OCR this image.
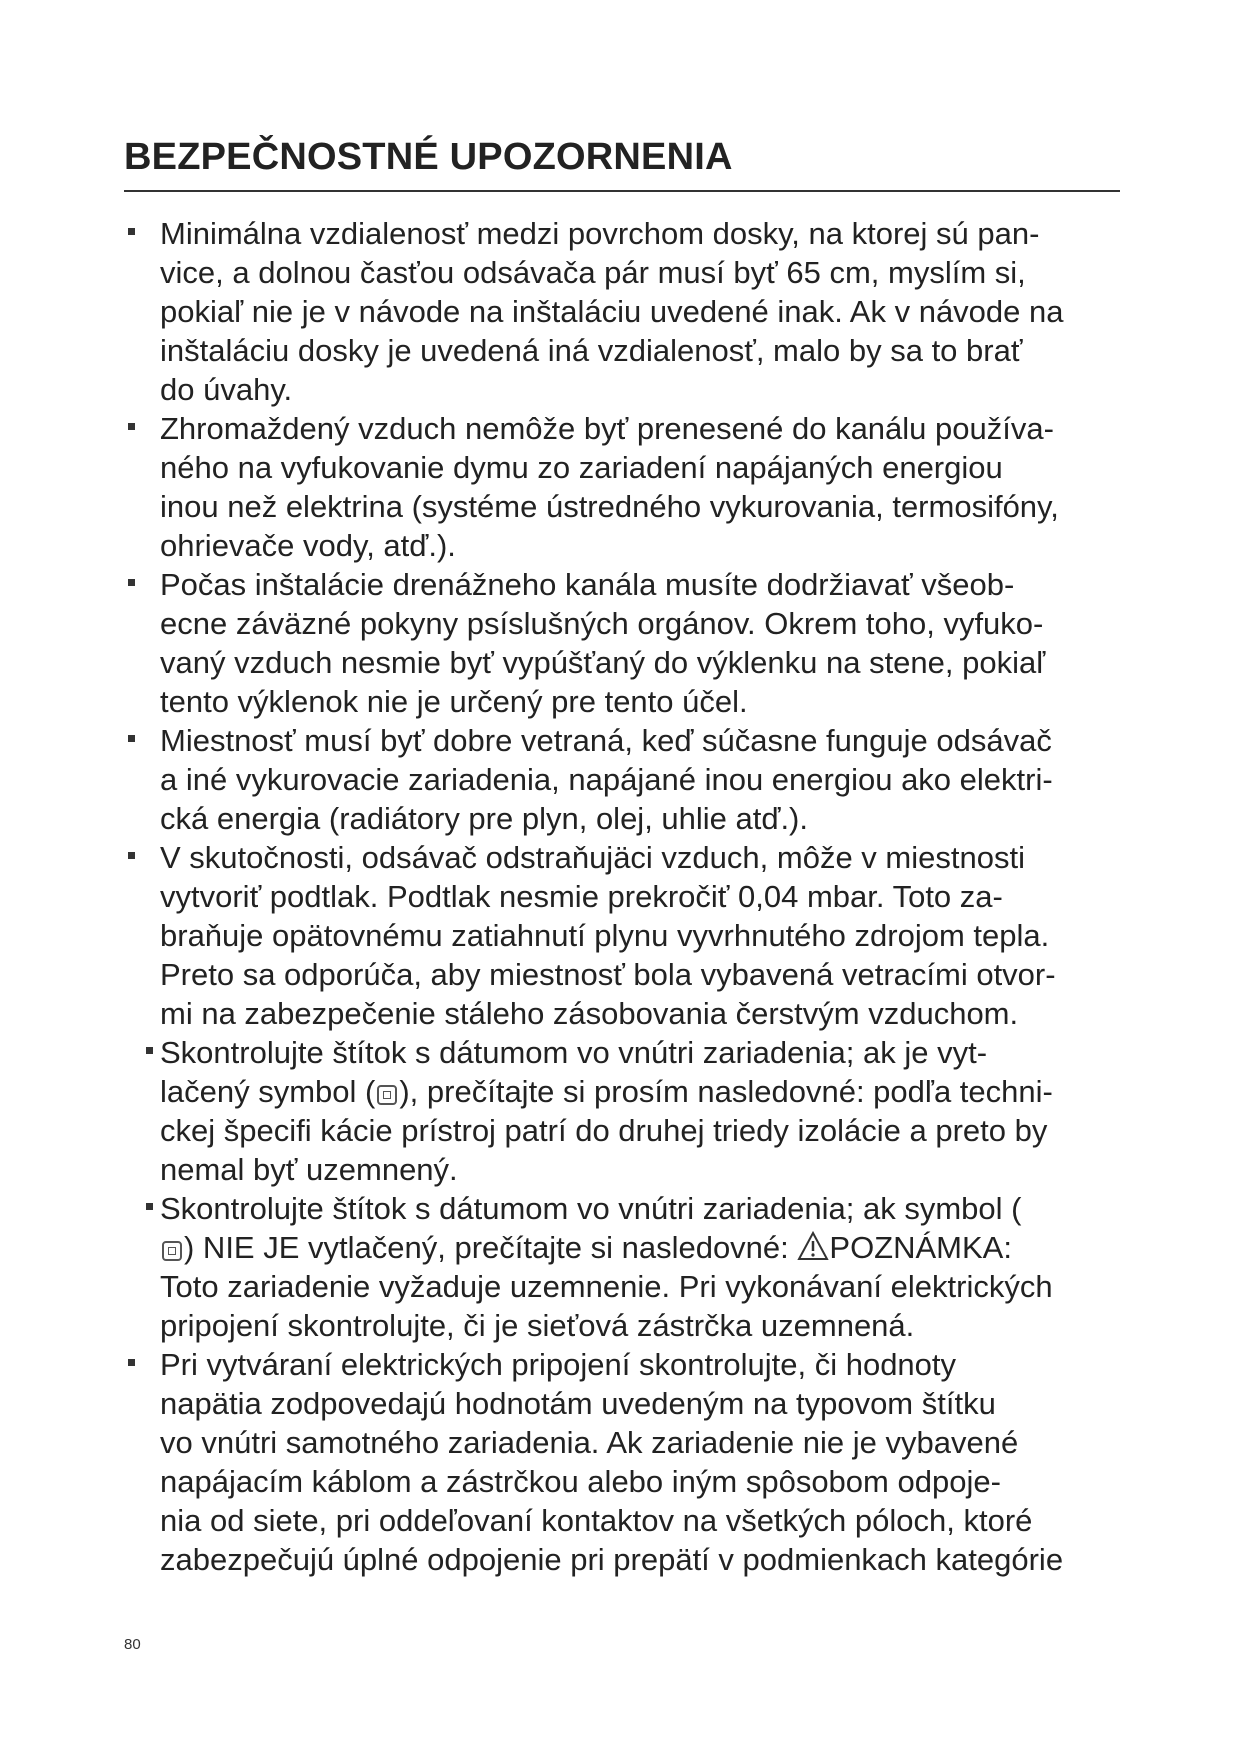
BEZPEČNOSTNÉ UPOZORNENIA
Minimálna vzdialenosť medzi povrchom dosky, na ktorej sú pan-
vice, a dolnou časťou odsávača pár musí byť 65 cm, myslím si,
pokiaľ nie je v návode na inštaláciu uvedené inak. Ak v návode na
inštaláciu dosky je uvedená iná vzdialenosť, malo by sa to brať
do úvahy.
Zhromaždený vzduch nemôže byť prenesené do kanálu používa-
ného na vyfukovanie dymu zo zariadení napájaných energiou
inou než elektrina (systéme ústredného vykurovania, termosifóny,
ohrievače vody, atď.).
Počas inštalácie drenážneho kanála musíte dodržiavať všeob-
ecne záväzné pokyny psíslušných orgánov. Okrem toho, vyfuko-
vaný vzduch nesmie byť vypúšťaný do výklenku na stene, pokiaľ
tento výklenok nie je určený pre tento účel.
Miestnosť musí byť dobre vetraná, keď súčasne funguje odsávač
a iné vykurovacie zariadenia, napájané inou energiou ako elektri-
cká energia (radiátory pre plyn, olej, uhlie atď.).
V skutočnosti, odsávač odstraňujäci vzduch, môže v miestnosti
vytvoriť podtlak. Podtlak nesmie prekročiť 0,04 mbar. Toto za-
braňuje opätovnému zatiahnutí plynu vyvrhnutého zdrojom tepla.
Preto sa odporúča, aby miestnosť bola vybavená vetracími otvor-
mi na zabezpečenie stáleho zásobovania čerstvým vzduchom.
Skontrolujte štítok s dátumom vo vnútri zariadenia; ak je vyt-
lačený symbol ( ), prečítajte si prosím nasledovné: podľa techni-
ckej špecifi kácie prístroj patrí do druhej triedy izolácie a preto by
nemal byť uzemnený.
Skontrolujte štítok s dátumom vo vnútri zariadenia; ak symbol (
) NIE JE vytlačený, prečítajte si nasledovné: POZNÁMKA:
Toto zariadenie vyžaduje uzemnenie. Pri vykonávaní elektrických
pripojení skontrolujte, či je sieťová zástrčka uzemnená.
Pri vytváraní elektrických pripojení skontrolujte, či hodnoty
napätia zodpovedajú hodnotám uvedeným na typovom štítku
vo vnútri samotného zariadenia. Ak zariadenie nie je vybavené
napájacím káblom a zástrčkou alebo iným spôsobom odpoje-
nia od siete, pri oddeľovaní kontaktov na všetkých póloch, ktoré
zabezpečujú úplné odpojenie pri prepätí v podmienkach kategórie
80
